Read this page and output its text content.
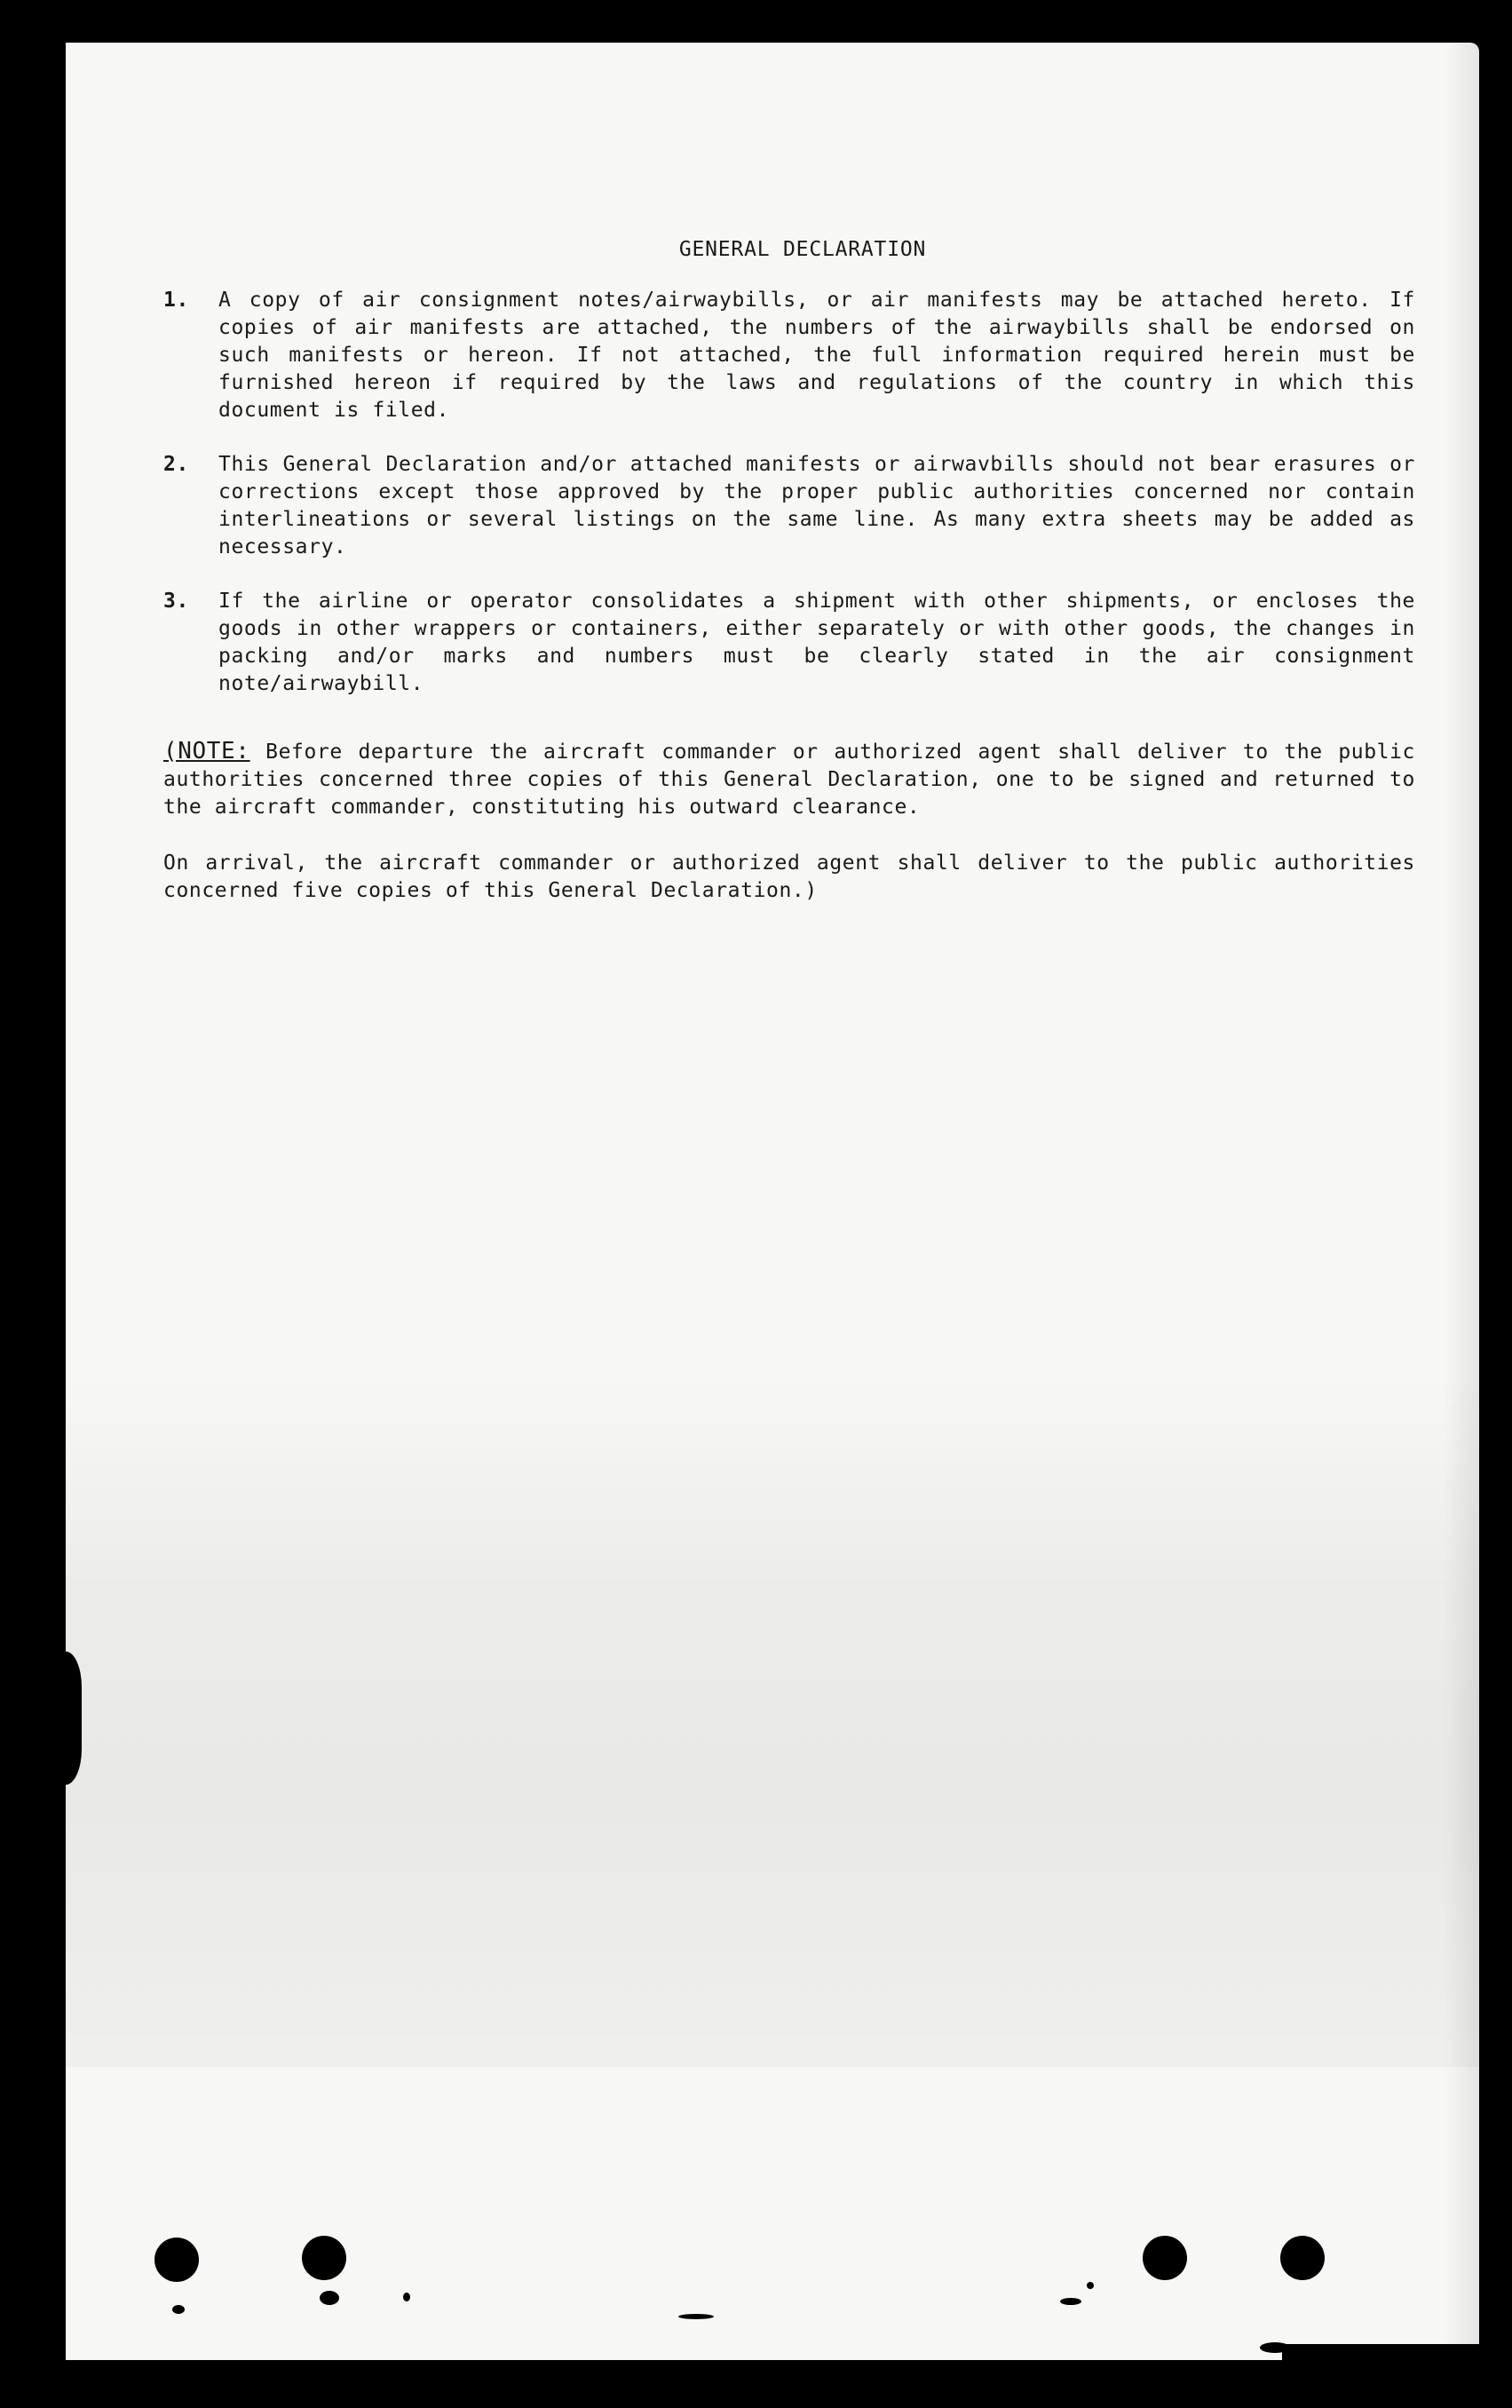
GENERAL DECLARATION
1.	A copy of air consignment notes/airwaybills, or air manifests may be attached hereto. If copies of air manifests are attached, the numbers of the airwaybills shall be endorsed on such manifests or hereon. If not attached, the full information required herein must be furnished hereon if required by the laws and regulations of the country in which this document is filed.
2.	This General Declaration and/or attached manifests or airwavbills should not bear erasures or corrections except those approved by the proper public authorities concerned nor contain interlineations or several listings on the same line. As many extra sheets may be added as necessary.
3.	If the airline or operator consolidates a shipment with other shipments, or encloses the goods in other wrappers or containers, either separately or with other goods, the changes in packing and/or marks and numbers must be clearly stated in the air consignment note/airwaybill.
(NOTE: Before departure the aircraft commander or authorized agent shall deliver to the public authorities concerned three copies of this General Declaration, one to be signed and returned to the aircraft commander, constituting his outward clearance.
On arrival, the aircraft commander or authorized agent shall deliver to the public authorities concerned five copies of this General Declaration.)
